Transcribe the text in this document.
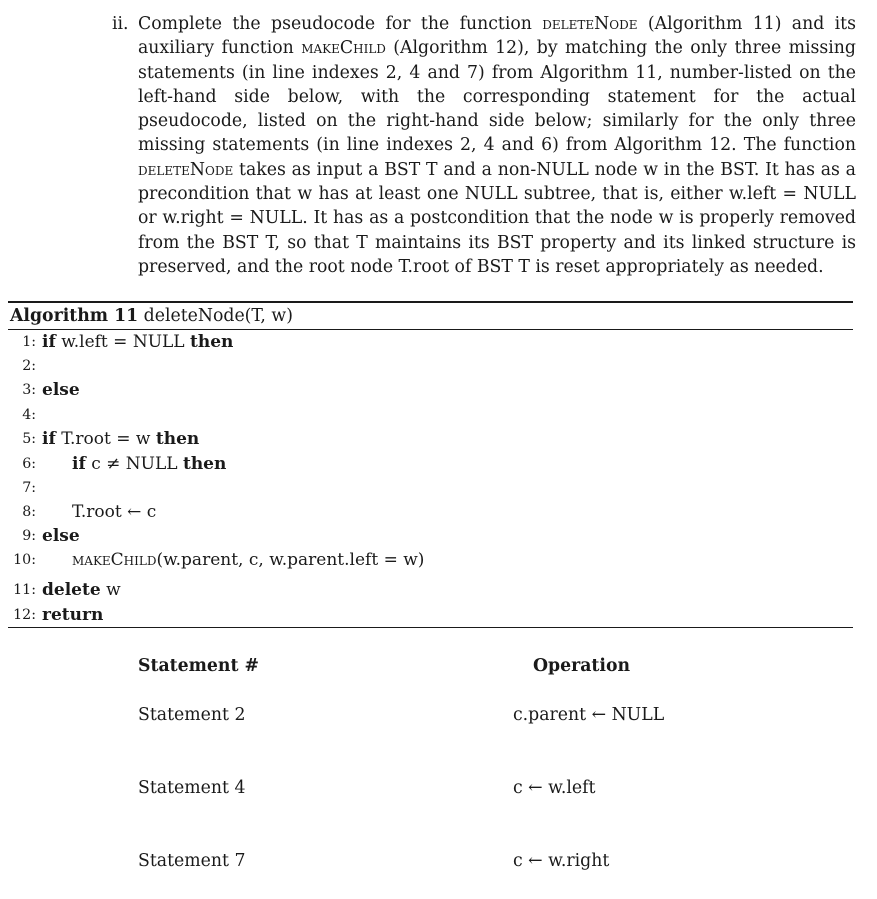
ii. Complete the pseudocode for the function deleteNode (Algorithm 11) and its auxiliary function makeChild (Algorithm 12), by matching the only three missing statements (in line indexes 2, 4 and 7) from Algorithm 11, number-listed on the left-hand side below, with the corresponding statement for the actual pseudocode, listed on the right-hand side below; similarly for the only three missing statements (in line indexes 2, 4 and 6) from Algorithm 12. The function deleteNode takes as input a BST T and a non-NULL node w in the BST. It has as a precondition that w has at least one NULL subtree, that is, either w.left = NULL or w.right = NULL. It has as a postcondition that the node w is properly removed from the BST T, so that T maintains its BST property and its linked structure is preserved, and the root node T.root of BST T is reset appropriately as needed.
Algorithm 11 deleteNode(T, w)
1: if w.left = NULL then
2:
3: else
4:
5: if T.root = w then
6: if c ≠ NULL then
7:
8: T.root ← c
9: else
10: makeChild(w.parent, c, w.parent.left = w)
11: delete w
12: return
Statement #	Operation
Statement 2	c.parent ← NULL
Statement 4	c ← w.left
Statement 7	c ← w.right
